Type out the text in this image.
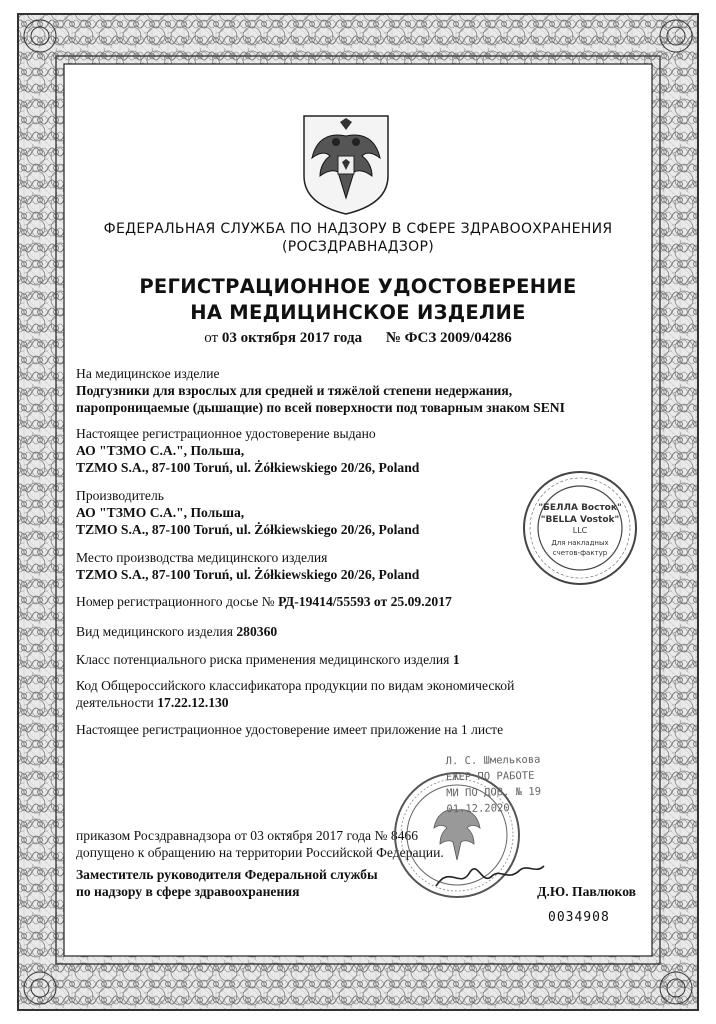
ФЕДЕРАЛЬНАЯ СЛУЖБА ПО НАДЗОРУ В СФЕРЕ ЗДРАВООХРАНЕНИЯ
(РОСЗДРАВНАДЗОР)
РЕГИСТРАЦИОННОЕ УДОСТОВЕРЕНИЕ
НА МЕДИЦИНСКОЕ ИЗДЕЛИЕ
от 03 октября 2017 года № ФСЗ 2009/04286
На медицинское изделие
Подгузники для взрослых для средней и тяжёлой степени недержания,
паропроницаемые (дышащие) по всей поверхности под товарным знаком SENI
Настоящее регистрационное удостоверение выдано
АО "ТЗМО С.А.", Польша,
TZMO S.A., 87-100 Toruń, ul. Żółkiewskiego 20/26, Poland
Производитель
АО "ТЗМО С.А.", Польша,
TZMO S.A., 87-100 Toruń, ul. Żółkiewskiego 20/26, Poland
Место производства медицинского изделия
TZMO S.A., 87-100 Toruń, ul. Żółkiewskiego 20/26, Poland
Номер регистрационного досье № РД-19414/55593 от 25.09.2017
Вид медицинского изделия 280360
Класс потенциального риска применения медицинского изделия 1
Код Общероссийского классификатора продукции по видам экономической
деятельности 17.22.12.130
Настоящее регистрационное удостоверение имеет приложение на 1 листе
приказом Росздравнадзора от 03 октября 2017 года № 8466
допущено к обращению на территории Российской Федерации.
"БЕЛЛА Восток"
"BELLA Vostok"
LLC
Для накладных
счетов-фактур
Л. С. Шмелькова
ЕЖЕР ПО РАБОТЕ
МИ ПО ДОВ. № 19
01.12.2020
Заместитель руководителя Федеральной службы
по надзору в сфере здравоохранения	Д.Ю. Павлюков
0034908
